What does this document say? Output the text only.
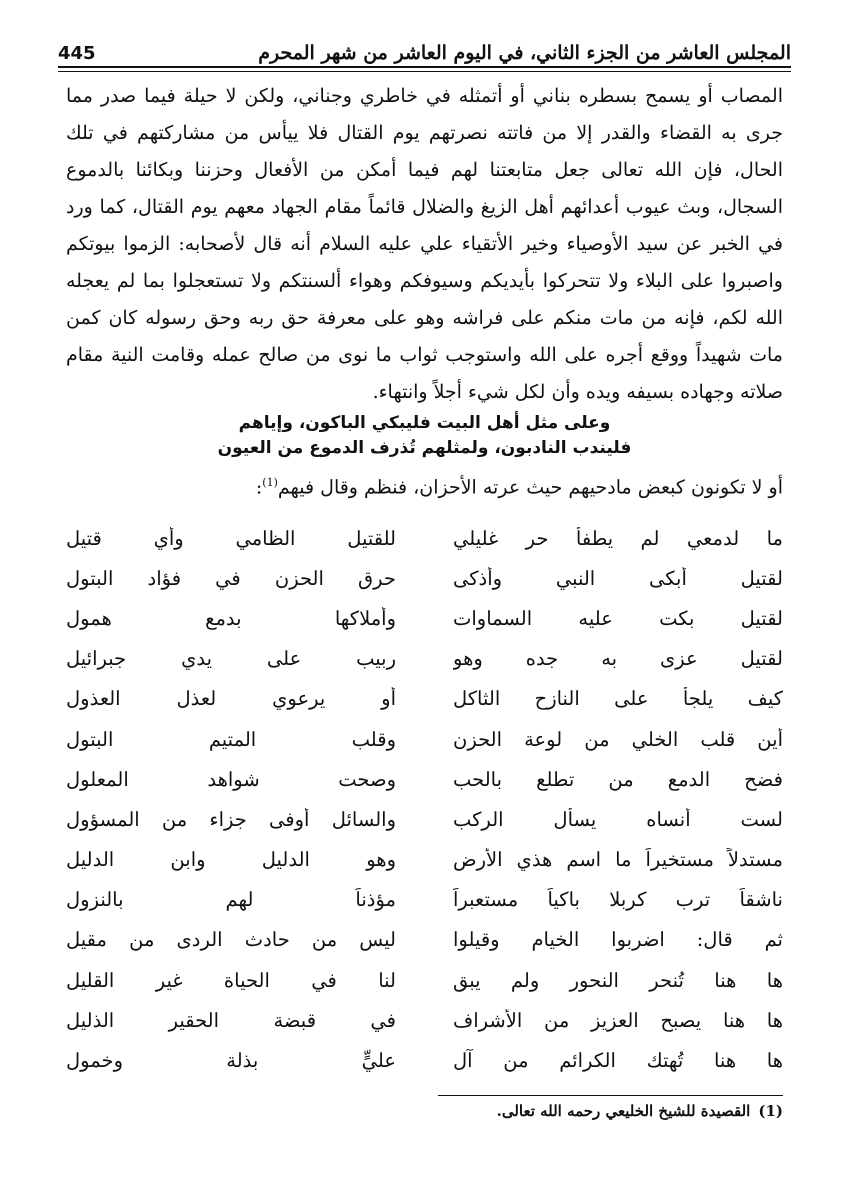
المجلس العاشر من الجزء الثاني، في اليوم العاشر من شهر المحرم
445

المصاب أو يسمح بسطره بناني أو أتمثله في خاطري وجناني، ولكن لا حيلة فيما صدر مما جرى به القضاء والقدر إلا من فاتته نصرتهم يوم القتال فلا ييأس من مشاركتهم في تلك الحال، فإن الله تعالى جعل متابعتنا لهم فيما أمكن من الأفعال وحزننا وبكائنا بالدموع السجال، وبث عيوب أعدائهم أهل الزيغ والضلال قائماً مقام الجهاد معهم يوم القتال، كما ورد في الخبر عن سيد الأوصياء وخير الأتقياء علي عليه السلام أنه قال لأصحابه: الزموا بيوتكم واصبروا على البلاء ولا تتحركوا بأيديكم وسيوفكم وهواء ألسنتكم ولا تستعجلوا بما لم يعجله الله لكم، فإنه من مات منكم على فراشه وهو على معرفة حق ربه وحق رسوله كان كمن مات شهيداً ووقع أجره على الله واستوجب ثواب ما نوى من صالح عمله وقامت النية مقام صلاته وجهاده بسيفه ويده وأن لكل شيء أجلاً وانتهاء.

وعلى مثل أهل البيت فليبكي الباكون، وإياهم
فليندب النادبون، ولمثلهم تُذرف الدموع من العيون
أو لا تكونون كبعض مادحيهم حيث عرته الأحزان، فنظم وقال فيهم$^{(1)}$:
ما لدمعي لم يطفأ حر غليلي
للقتيل الظامي وأي قتيل
لقتيل أبكى النبي وأذكى
حرق الحزن في فؤاد البتول
لقتيل بكت عليه السماوات
وأملاكها بدمع همول
لقتيل عزى به جده وهو
ربيب على يدي جبرائيل
كيف يلجأ على النازح الثاكل
أو يرعوي لعذل العذول
أين قلب الخلي من لوعة الحزن
وقلب المتيم البتول
فضح الدمع من تطلع بالحب
وصحت شواهد المعلول
لست أنساه يسأل الركب
والسائل أوفى جزاء من المسؤول
مستدلاً مستخيراً ما اسم هذي الأرض
وهو الدليل وابن الدليل
ناشقاً ترب كربلا باكياً مستعبراً
مؤذناً لهم بالنزول
ثم قال: اضربوا الخيام وقيلوا
ليس من حادث الردى من مقيل
ها هنا تُنحر النحور ولم يبق
لنا في الحياة غير القليل
ها هنا يصبح العزيز من الأشراف
في قبضة الحقير الذليل
ها هنا تُهتك الكرائم من آل
عليٍّ بذلة وخمول
(1)القصيدة للشيخ الخليعي رحمه الله تعالى.
